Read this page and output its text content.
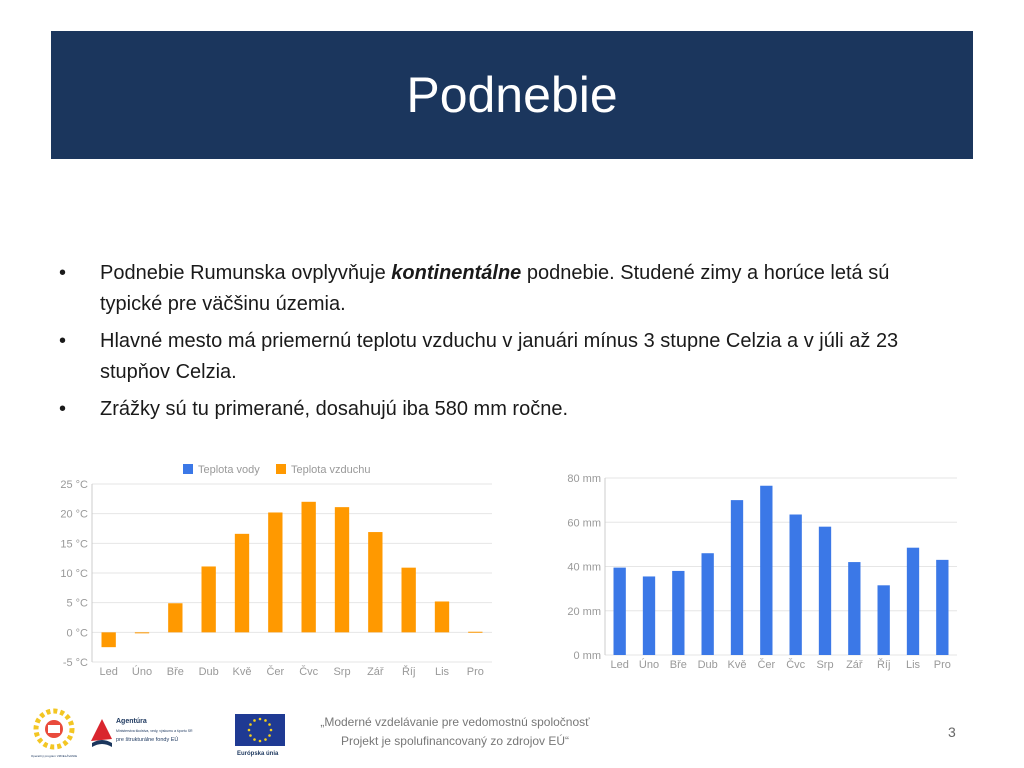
Podnebie
• Podnebie Rumunska ovplyvňuje kontinentálne podnebie. Studené zimy a horúce letá sú typické pre väčšinu územia.
• Hlavné mesto má priemernú teplotu vzduchu v januári mínus 3 stupne Celzia a v júli až 23 stupňov Celzia.
• Zrážky sú tu primerané, dosahujú iba 580 mm ročne.
25 °C
20 °C
15 °C
10 °C
5 °C
0 °C
-5 °C
Led Úno Bře Dub Kvě Čer Čvc Srp Zář Říj Lis Pro
Teplota vody	Teplota vzduchu
80 mm
60 mm
40 mm
20 mm
0 mm
Led Úno Bře Dub Kvě Čer Čvc Srp Zář Říj Lis Pro
Operačný program VZDELÁVANIE
Agentúra
Ministerstva školstva, vedy, výskumu a športu SR
pre štrukturálne fondy EÚ
Európska únia
„Moderné vzdelávanie pre vedomostnú spoločnosť
Projekt je spolufinancovaný zo zdrojov EÚ“
3
